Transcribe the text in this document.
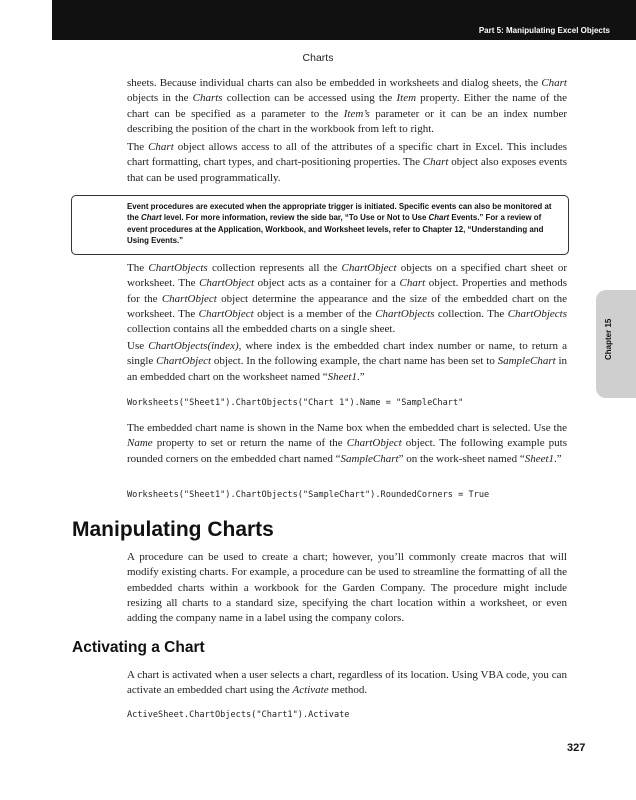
Part 5: Manipulating Excel Objects
Charts

sheets. Because individual charts can also be embedded in worksheets and dialog sheets, the Chart objects in the Charts collection can be accessed using the Item property. Either the name of the chart can be specified as a parameter to the Item’s parameter or it can be an index number describing the position of the chart in the workbook from left to right.

The Chart object allows access to all of the attributes of a specific chart in Excel. This includes chart formatting, chart types, and chart-positioning properties. The Chart object also exposes events that can be used programmatically.

Event procedures are executed when the appropriate trigger is initiated. Specific events can also be monitored at the Chart level. For more information, review the side bar, “To Use or Not to Use Chart Events.” For a review of event procedures at the Application, Workbook, and Worksheet levels, refer to Chapter 12, “Understanding and Using Events.”

The ChartObjects collection represents all the ChartObject objects on a specified chart sheet or worksheet. The ChartObject object acts as a container for a Chart object. Properties and methods for the ChartObject object determine the appearance and the size of the embedded chart on the worksheet. The ChartObject object is a member of the ChartObjects collection. The ChartObjects collection contains all the embedded charts on a single sheet.

Use ChartObjects(index), where index is the embedded chart index number or name, to return a single ChartObject object. In the following example, the chart name has been set to SampleChart in an embedded chart on the worksheet named “Sheet1.”

Worksheets("Sheet1").ChartObjects("Chart 1").Name = "SampleChart"

The embedded chart name is shown in the Name box when the embedded chart is selected. Use the Name property to set or return the name of the ChartObject object. The following example puts rounded corners on the embedded chart named “SampleChart” on the work-sheet named “Sheet1.”

Worksheets("Sheet1").ChartObjects("SampleChart").RoundedCorners = True
Manipulating Charts

A procedure can be used to create a chart; however, you’ll commonly create macros that will modify existing charts. For example, a procedure can be used to streamline the formatting of all the embedded charts within a workbook for the Garden Company. The procedure might include resizing all charts to a standard size, specifying the chart location within a worksheet, or even adding the company name in a label using the company colors.

Activating a Chart

A chart is activated when a user selects a chart, regardless of its location. Using VBA code, you can activate an embedded chart using the Activate method.

ActiveSheet.ChartObjects("Chart1").Activate
Chapter 15
327
